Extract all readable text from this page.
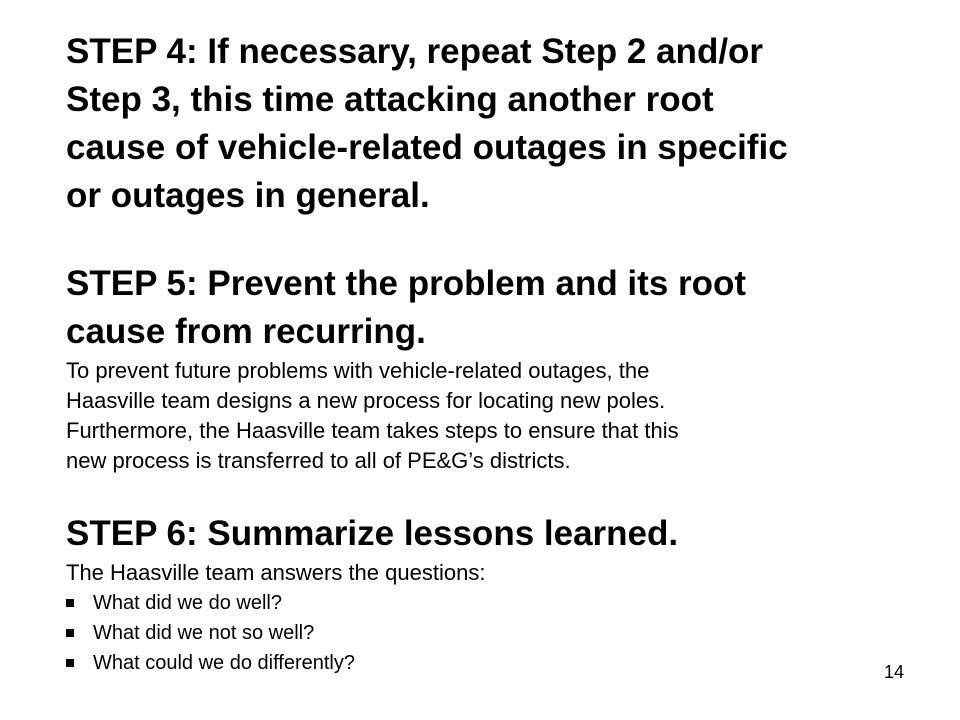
STEP 4: If necessary, repeat Step 2 and/or

Step 3, this time attacking another root

cause of vehicle-related outages in specific

or outages in general.

STEP 5: Prevent the problem and its root

cause from recurring.

To prevent future problems with vehicle-related outages, the

Haasville team designs a new process for locating new poles.

Furthermore, the Haasville team takes steps to ensure that this

new process is transferred to all of PE&G’s districts.

STEP 6: Summarize lessons learned.

The Haasville team answers the questions:

What did we do well?
What did we not so well?
What could we do differently?	14
